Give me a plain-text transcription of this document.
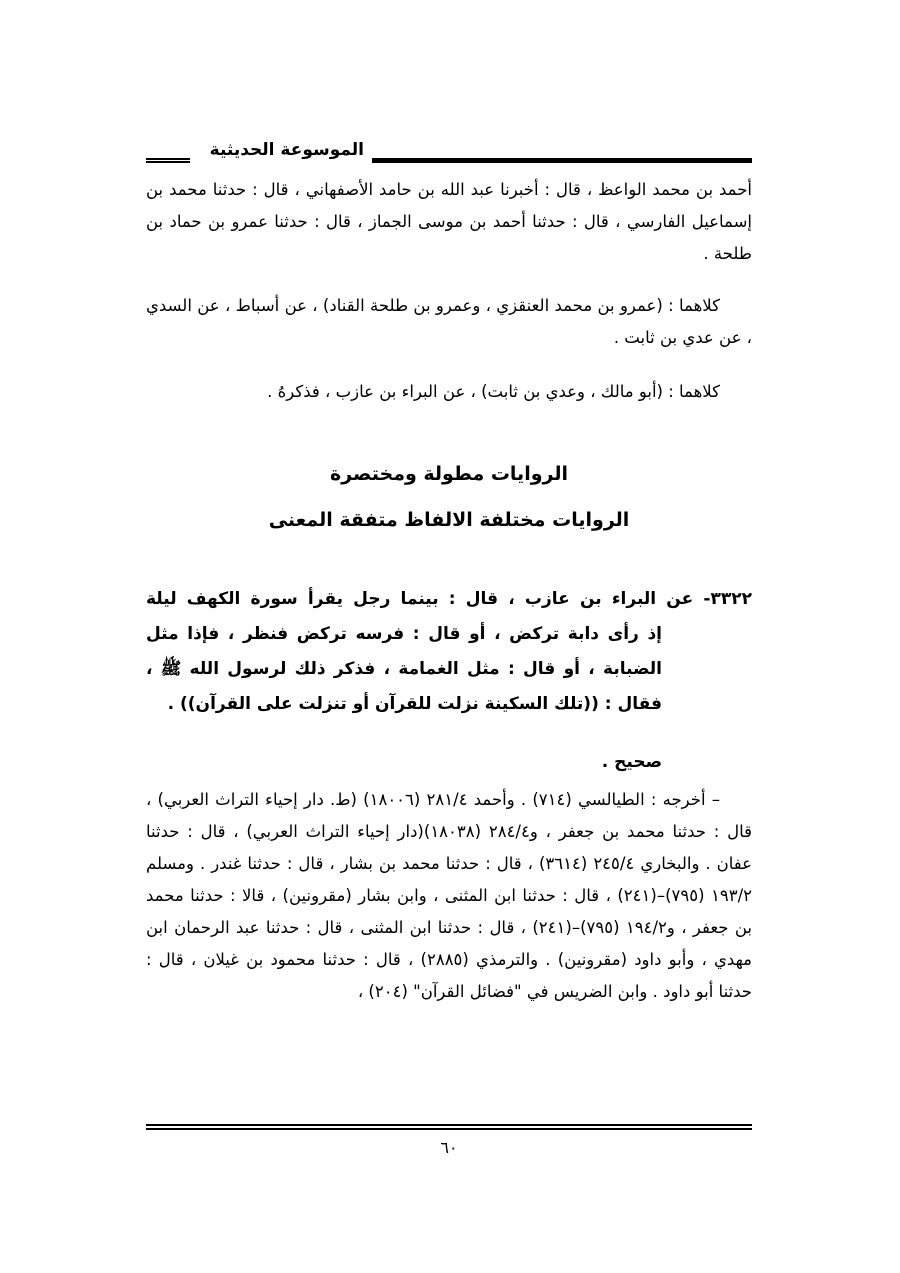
الموسوعة الحديثية
أحمد بن محمد الواعظ ، قال : أخبرنا عبد الله بن حامد الأصفهاني ، قال : حدثنا محمد بن إسماعيل الفارسي ، قال : حدثنا أحمد بن موسى الجماز ، قال : حدثنا عمرو بن حماد بن طلحة .
كلاهما : (عمرو بن محمد العنقزي ، وعمرو بن طلحة القناد) ، عن أسباط ، عن السدي ، عن عدي بن ثابت .
كلاهما : (أبو مالك ، وعدي بن ثابت) ، عن البراء بن عازب ، فذكرهُ .
الروايات مطولة ومختصرة
الروايات مختلفة الالفاظ متفقة المعنى
٣٣٢٢- عن البراء بن عازب ، قال : بينما رجل يقرأ سورة الكهف ليلة
إذ رأى دابة تركض ، أو قال : فرسه تركض فنظر ، فإذا مثل
الضبابة ، أو قال : مثل الغمامة ، فذكر ذلك لرسول الله ﷺ ،
فقال : ((تلك السكينة نزلت للقرآن أو تنزلت على القرآن)) .
صحيح .
– أخرجه : الطيالسي (٧١٤) . وأحمد ٢٨١/٤ (١٨٠٠٦) (ط. دار إحياء التراث العربي) ، قال : حدثنا محمد بن جعفر ، و٢٨٤/٤ (١٨٠٣٨)(دار إحياء التراث العربي) ، قال : حدثنا عفان . والبخاري ٢٤٥/٤ (٣٦١٤) ، قال : حدثنا محمد بن بشار ، قال : حدثنا غندر . ومسلم ١٩٣/٢ (٧٩٥)–(٢٤١) ، قال : حدثنا ابن المثنى ، وابن بشار (مقرونين) ، قالا : حدثنا محمد بن جعفر ، و١٩٤/٢ (٧٩٥)–(٢٤١) ، قال : حدثنا ابن المثنى ، قال : حدثنا عبد الرحمان ابن مهدي ، وأبو داود (مقرونين) . والترمذي (٢٨٨٥) ، قال : حدثنا محمود بن غيلان ، قال : حدثنا أبو داود . وابن الضريس في "فضائل القرآن" (٢٠٤) ،
٦٠
